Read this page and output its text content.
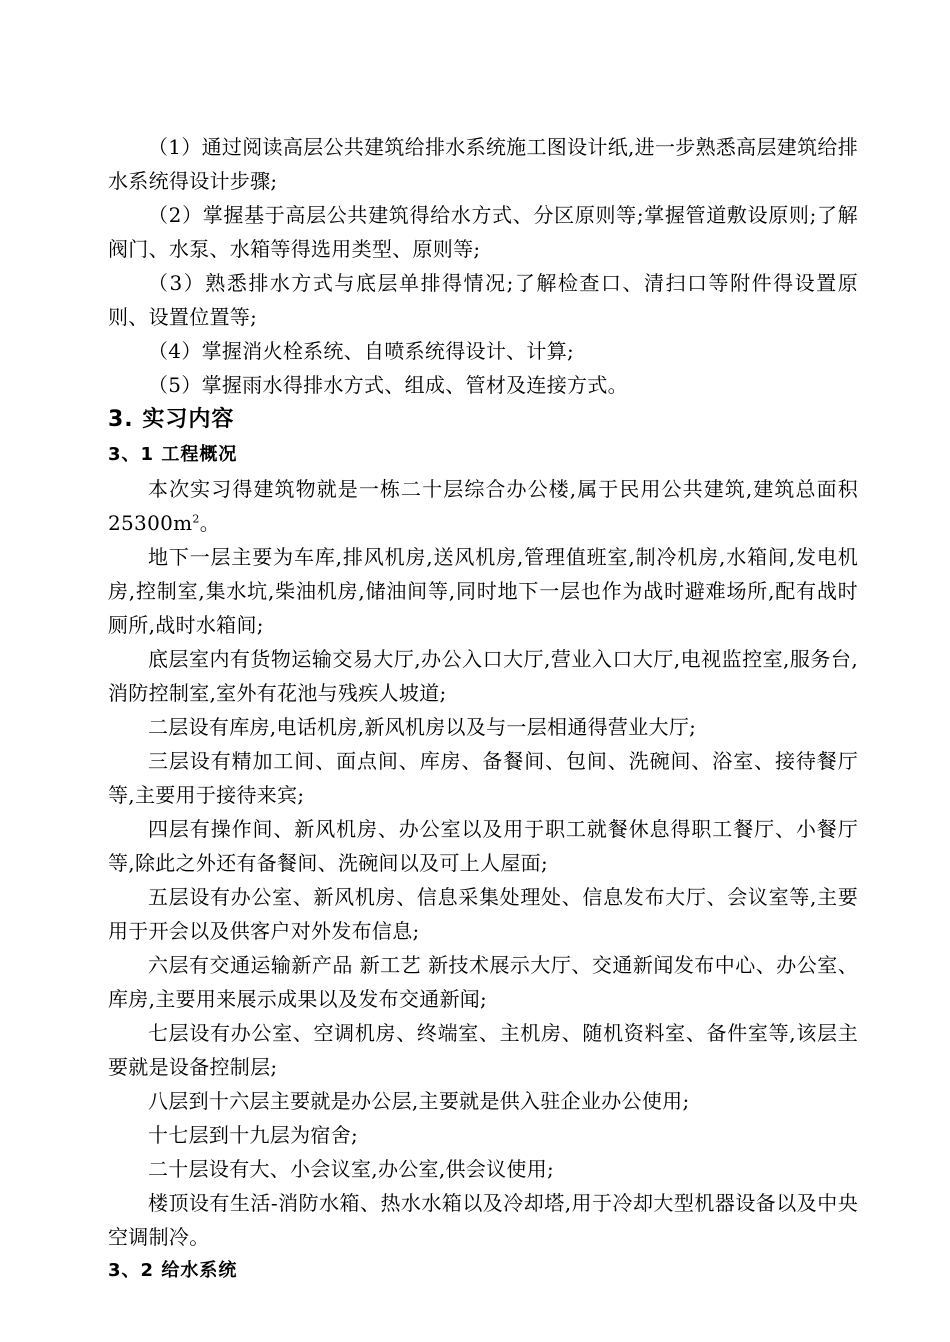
（1）通过阅读高层公共建筑给排水系统施工图设计纸,进一步熟悉高层建筑给排水系统得设计步骤;

（2）掌握基于高层公共建筑得给水方式、分区原则等;掌握管道敷设原则;了解阀门、水泵、水箱等得选用类型、原则等;

（3）熟悉排水方式与底层单排得情况;了解检查口、清扫口等附件得设置原则、设置位置等;

（4）掌握消火栓系统、自喷系统得设计、计算;

（5）掌握雨水得排水方式、组成、管材及连接方式。

3. 实习内容
3、1 工程概况

本次实习得建筑物就是一栋二十层综合办公楼,属于民用公共建筑,建筑总面积 $25300m^2$。

地下一层主要为车库,排风机房,送风机房,管理值班室,制冷机房,水箱间,发电机房,控制室,集水坑,柴油机房,储油间等,同时地下一层也作为战时避难场所,配有战时厕所,战时水箱间;

底层室内有货物运输交易大厅,办公入口大厅,营业入口大厅,电视监控室,服务台,消防控制室,室外有花池与残疾人坡道;

二层设有库房,电话机房,新风机房以及与一层相通得营业大厅;

三层设有精加工间、面点间、库房、备餐间、包间、洗碗间、浴室、接待餐厅等,主要用于接待来宾;

四层有操作间、新风机房、办公室以及用于职工就餐休息得职工餐厅、小餐厅等,除此之外还有备餐间、洗碗间以及可上人屋面;

五层设有办公室、新风机房、信息采集处理处、信息发布大厅、会议室等,主要用于开会以及供客户对外发布信息;

六层有交通运输新产品 新工艺 新技术展示大厅、交通新闻发布中心、办公室、库房,主要用来展示成果以及发布交通新闻;

七层设有办公室、空调机房、终端室、主机房、随机资料室、备件室等,该层主要就是设备控制层;

八层到十六层主要就是办公层,主要就是供入驻企业办公使用;

十七层到十九层为宿舍;

二十层设有大、小会议室,办公室,供会议使用;

楼顶设有生活-消防水箱、热水水箱以及冷却塔,用于冷却大型机器设备以及中央空调制冷。

3、2 给水系统
